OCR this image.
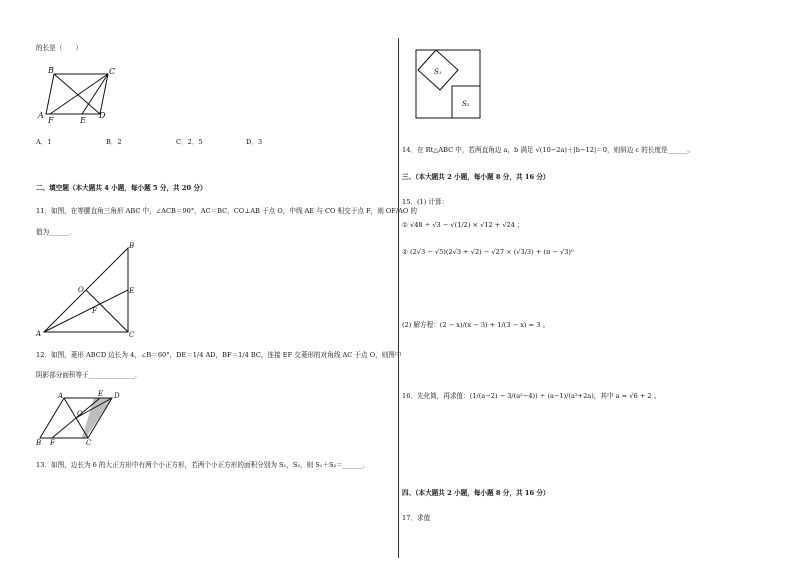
的长是（　　）
B	C
A
F	E
D
A．1	B．2	C．2．5	D．3
二、填空题（本大题共 4 小题，每小题 5 分，共 20 分）
11．如图，在等腰直角三角形 ABC 中，∠ACB＝90°，AC＝BC，CO⊥AB 于点 O，中线 AE 与 CO 相交于点 F，则 OF/AO 的
值为______．
B
O	E
F
A	C
12．如图，菱形 ABCD 边长为 4，∠B＝60°，DE＝1/4 AD，BF＝1/4 BC，连接 EF 交菱形的对角线 AC 于点 O，则图中
阴影部分面积等于______________．
A	E D
O
B F	C
13．如图，边长为 6 的大正方形中有两个小正方形，若两个小正方形的面积分别为 S₁，S₂，则 S₁＋S₂＝______．
S₁
S₂
14．在 Rt△ABC 中，若两直角边 a，b 满足 √(10−2a)＋|b−12|＝0，则斜边 c 的长度是______。
三、（本大题共 2 小题，每小题 8 分，共 16 分）
15．(1) 计算：
① √48 ÷ √3 − √(1/2) × √12 + √24 ；
② (2√3 − √5)(2√3 + √2) − √27 × (√3/3) + (π − √3)⁰
(2) 解方程：(2 − x)/(x − 3) + 1/(3 − x) = 3 。
16．先化简，再求值：(1/(a−2) − 3/(a²−4)) ÷ (a−1)/(a²+2a)，其中 a = √6 + 2 。
四、（本大题共 2 小题，每小题 8 分，共 16 分）
17．求值
